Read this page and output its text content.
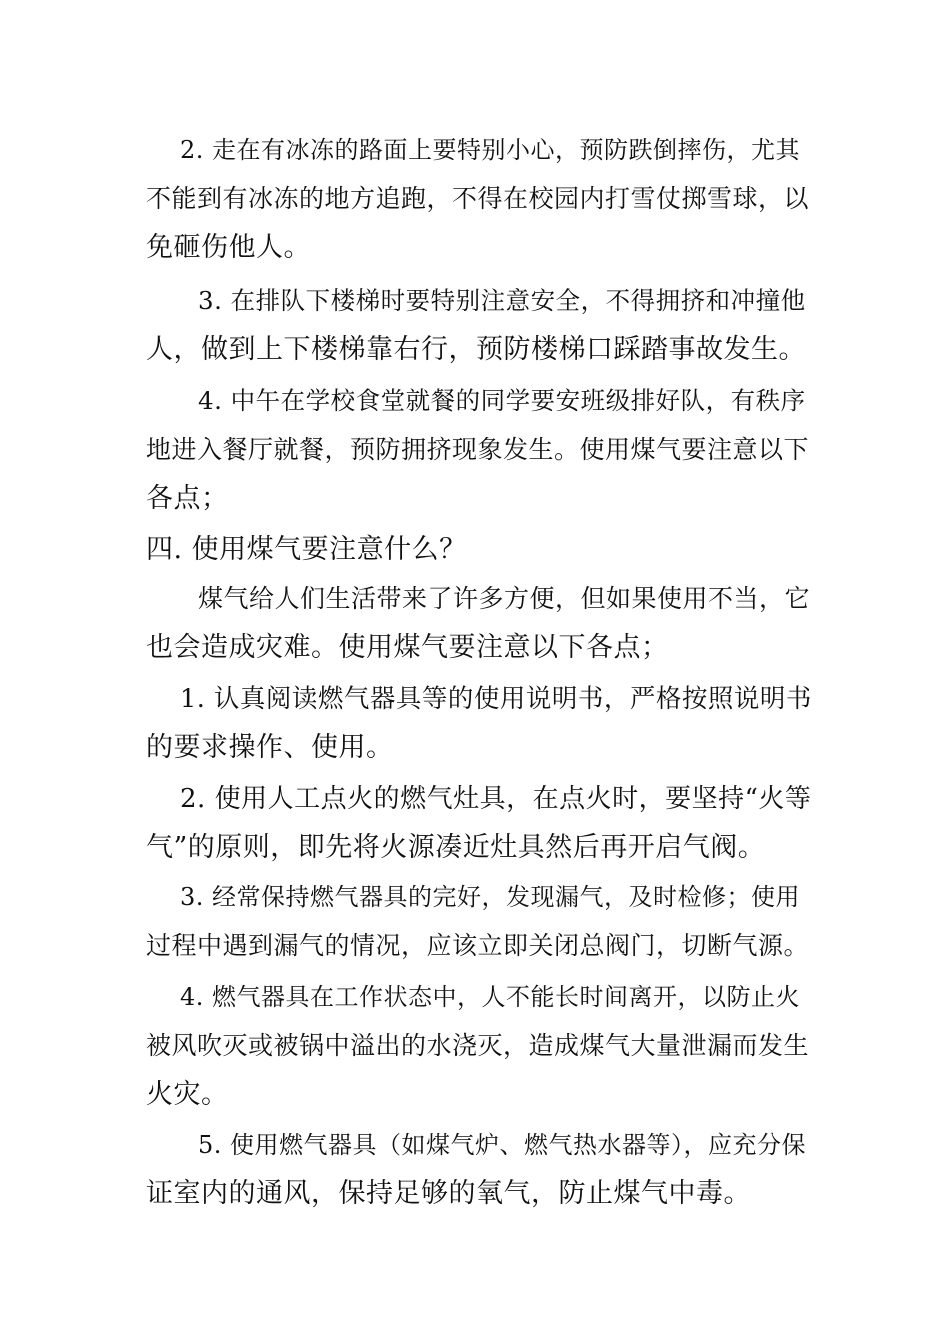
2. 走在有冰冻的路面上要特别小心，预防跌倒摔伤，尤其
不能到有冰冻的地方追跑，不得在校园内打雪仗掷雪球，以
免砸伤他人。
3. 在排队下楼梯时要特别注意安全，不得拥挤和冲撞他
人，做到上下楼梯靠右行，预防楼梯口踩踏事故发生。
4. 中午在学校食堂就餐的同学要安班级排好队，有秩序
地进入餐厅就餐，预防拥挤现象发生。使用煤气要注意以下
各点；
四. 使用煤气要注意什么？
煤气给人们生活带来了许多方便，但如果使用不当，它
也会造成灾难。使用煤气要注意以下各点；
1. 认真阅读燃气器具等的使用说明书，严格按照说明书
的要求操作、使用。
2. 使用人工点火的燃气灶具，在点火时，要坚持“火等
气”的原则，即先将火源凑近灶具然后再开启气阀。
3. 经常保持燃气器具的完好，发现漏气，及时检修；使用
过程中遇到漏气的情况，应该立即关闭总阀门，切断气源。
4. 燃气器具在工作状态中，人不能长时间离开，以防止火
被风吹灭或被锅中溢出的水浇灭，造成煤气大量泄漏而发生
火灾。
5. 使用燃气器具（如煤气炉、燃气热水器等），应充分保
证室内的通风，保持足够的氧气，防止煤气中毒。
